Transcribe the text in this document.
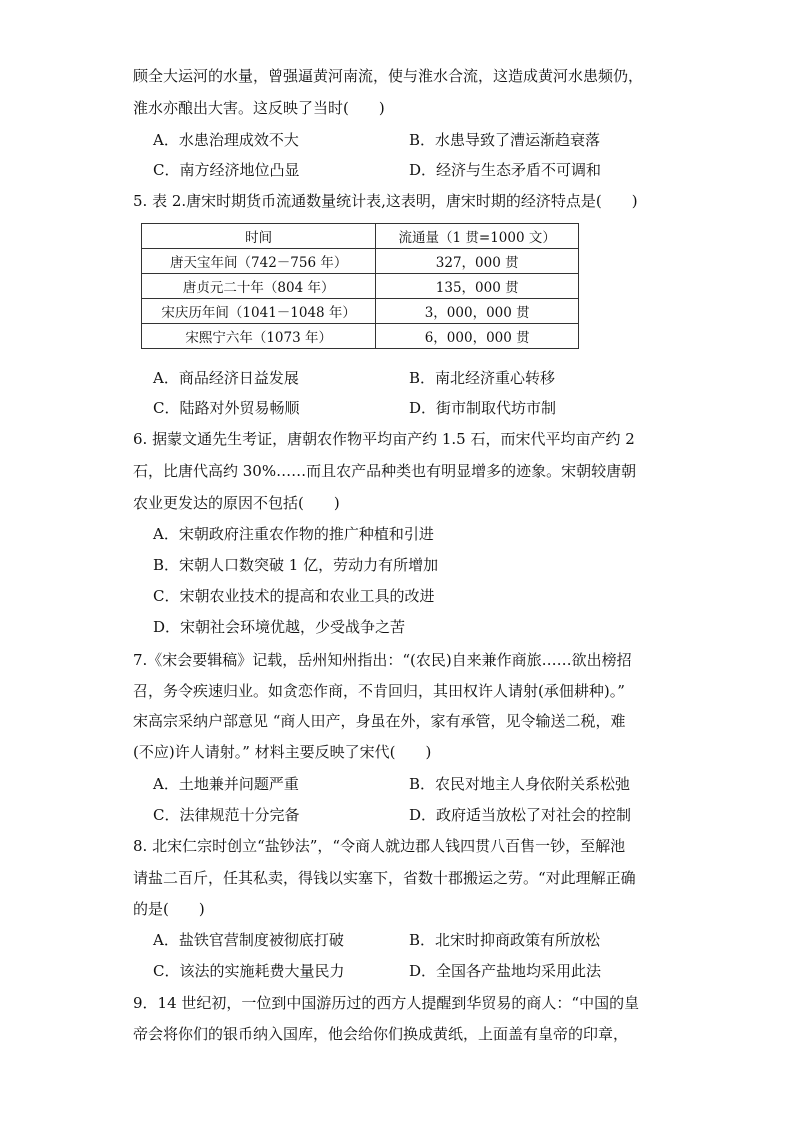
顾全大运河的水量，曾强逼黄河南流，使与淮水合流，这造成黄河水患频仍，
淮水亦酿出大害。这反映了当时(　　)
A．水患治理成效不大	B．水患导致了漕运渐趋衰落
C．南方经济地位凸显	D．经济与生态矛盾不可调和
5. 表 2.唐宋时期货币流通数量统计表,这表明，唐宋时期的经济特点是(　　)
时间	流通量（1 贯=1000 文）
唐天宝年间（742－756 年）	327，000 贯
唐贞元二十年（804 年）	135，000 贯
宋庆历年间（1041－1048 年）	3，000，000 贯
宋熙宁六年（1073 年）	6，000，000 贯
A．商品经济日益发展	B．南北经济重心转移
C．陆路对外贸易畅顺	D．街市制取代坊市制
6. 据蒙文通先生考证，唐朝农作物平均亩产约 1.5 石，而宋代平均亩产约 2
石，比唐代高约 30%……而且农产品种类也有明显增多的迹象。宋朝较唐朝
农业更发达的原因不包括(　　)
A．宋朝政府注重农作物的推广种植和引进
B．宋朝人口数突破 1 亿，劳动力有所增加
C．宋朝农业技术的提高和农业工具的改进
D．宋朝社会环境优越，少受战争之苦
7.《宋会要辑稿》记载，岳州知州指出：“(农民)自来兼作商旅……欲出榜招
召，务令疾速归业。如贪恋作商，不肯回归，其田权许人请射(承佃耕种)。”
宋高宗采纳户部意见 “商人田产，身虽在外，家有承管，见令输送二税，难
(不应)许人请射。” 材料主要反映了宋代(　　)
A．土地兼并问题严重	B．农民对地主人身依附关系松弛
C．法律规范十分完备	D．政府适当放松了对社会的控制
8. 北宋仁宗时创立“盐钞法”，“令商人就边郡人钱四贯八百售一钞，至解池
请盐二百斤，任其私卖，得钱以实塞下，省数十郡搬运之劳。“对此理解正确
的是(　　)
A．盐铁官营制度被彻底打破	B．北宋时抑商政策有所放松
C．该法的实施耗费大量民力	D．全国各产盐地均采用此法
9．14 世纪初，一位到中国游历过的西方人提醒到华贸易的商人：“中国的皇
帝会将你们的银币纳入国库，他会给你们换成黄纸，上面盖有皇帝的印章，
